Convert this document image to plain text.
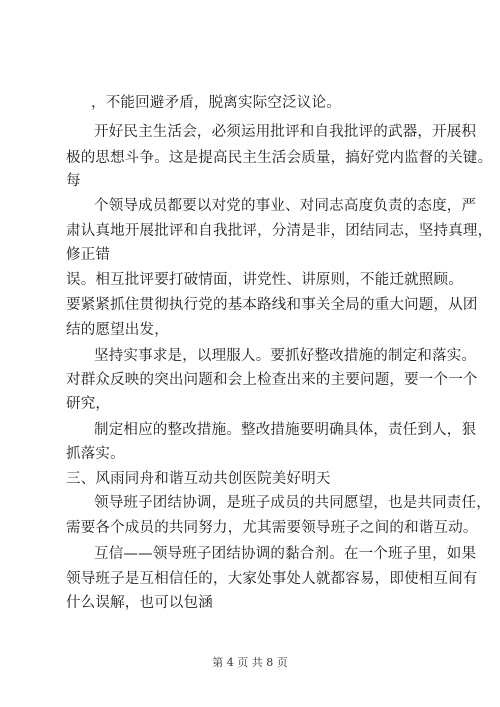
，不能回避矛盾，脱离实际空泛议论。
开好民主生活会，必须运用批评和自我批评的武器，开展积
极的思想斗争。这是提高民主生活会质量，搞好党内监督的关键。
每
个领导成员都要以对党的事业、对同志高度负责的态度，严
肃认真地开展批评和自我批评，分清是非，团结同志，坚持真理，
修正错
误。相互批评要打破情面，讲党性、讲原则，不能迁就照顾。
要紧紧抓住贯彻执行党的基本路线和事关全局的重大问题，从团
结的愿望出发，
坚持实事求是，以理服人。要抓好整改措施的制定和落实。
对群众反映的突出问题和会上检查出来的主要问题，要一个一个
研究，
制定相应的整改措施。整改措施要明确具体，责任到人，狠
抓落实。
三、风雨同舟和谐互动共创医院美好明天
领导班子团结协调，是班子成员的共同愿望，也是共同责任，
需要各个成员的共同努力，尤其需要领导班子之间的和谐互动。
互信——领导班子团结协调的黏合剂。在一个班子里，如果
领导班子是互相信任的，大家处事处人就都容易，即使相互间有
什么误解，也可以包涵
第 4 页 共 8 页
